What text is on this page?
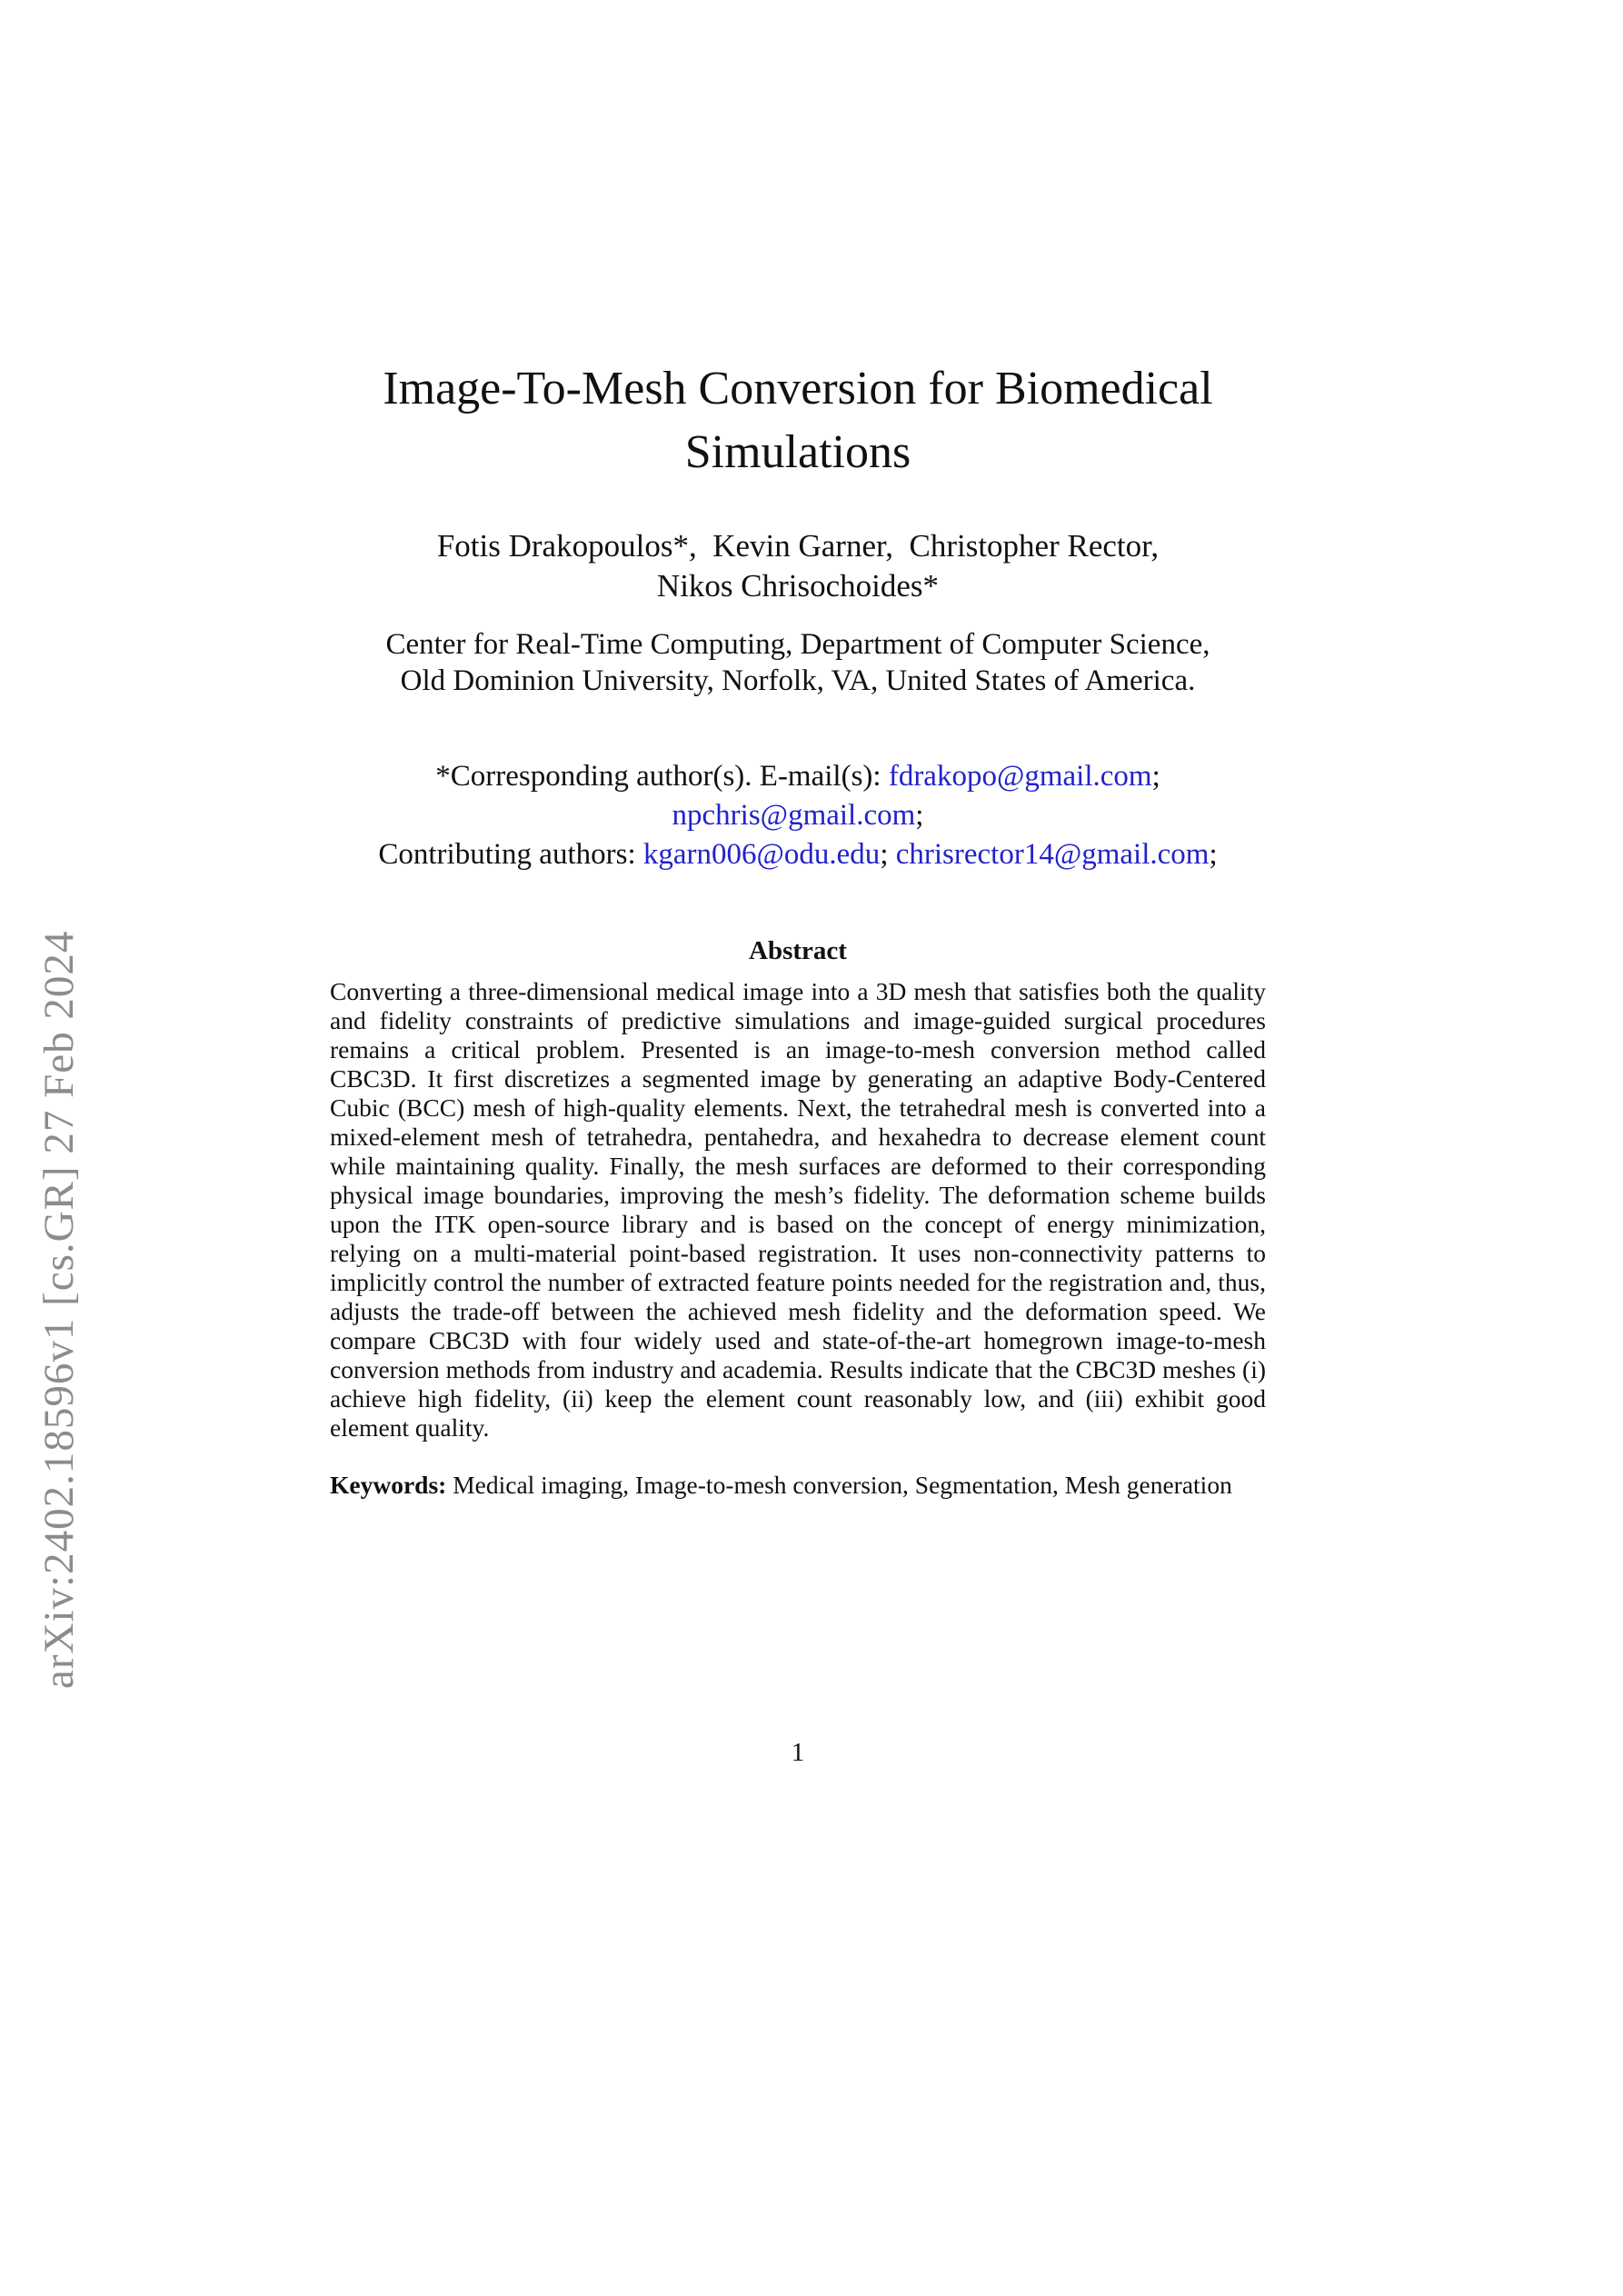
arXiv:2402.18596v1 [cs.GR] 27 Feb 2024
Image-To-Mesh Conversion for Biomedical Simulations
Fotis Drakopoulos*, Kevin Garner, Christopher Rector,
Nikos Chrisochoides*
Center for Real-Time Computing, Department of Computer Science,
Old Dominion University, Norfolk, VA, United States of America.
*Corresponding author(s). E-mail(s): fdrakopo@gmail.com;
npchris@gmail.com;
Contributing authors: kgarn006@odu.edu; chrisrector14@gmail.com;
Abstract

Converting a three-dimensional medical image into a 3D mesh that satisfies both the quality and fidelity constraints of predictive simulations and image-guided surgical procedures remains a critical problem. Presented is an image-to-mesh conversion method called CBC3D. It first discretizes a segmented image by generating an adaptive Body-Centered Cubic (BCC) mesh of high-quality elements. Next, the tetrahedral mesh is converted into a mixed-element mesh of tetrahedra, pentahedra, and hexahedra to decrease element count while maintaining quality. Finally, the mesh surfaces are deformed to their corresponding physical image boundaries, improving the mesh’s fidelity. The deformation scheme builds upon the ITK open-source library and is based on the concept of energy minimization, relying on a multi-material point-based registration. It uses non-connectivity patterns to implicitly control the number of extracted feature points needed for the registration and, thus, adjusts the trade-off between the achieved mesh fidelity and the deformation speed. We compare CBC3D with four widely used and state-of-the-art homegrown image-to-mesh conversion methods from industry and academia. Results indicate that the CBC3D meshes (i) achieve high fidelity, (ii) keep the element count reasonably low, and (iii) exhibit good element quality.

Keywords: Medical imaging, Image-to-mesh conversion, Segmentation, Mesh generation

1
